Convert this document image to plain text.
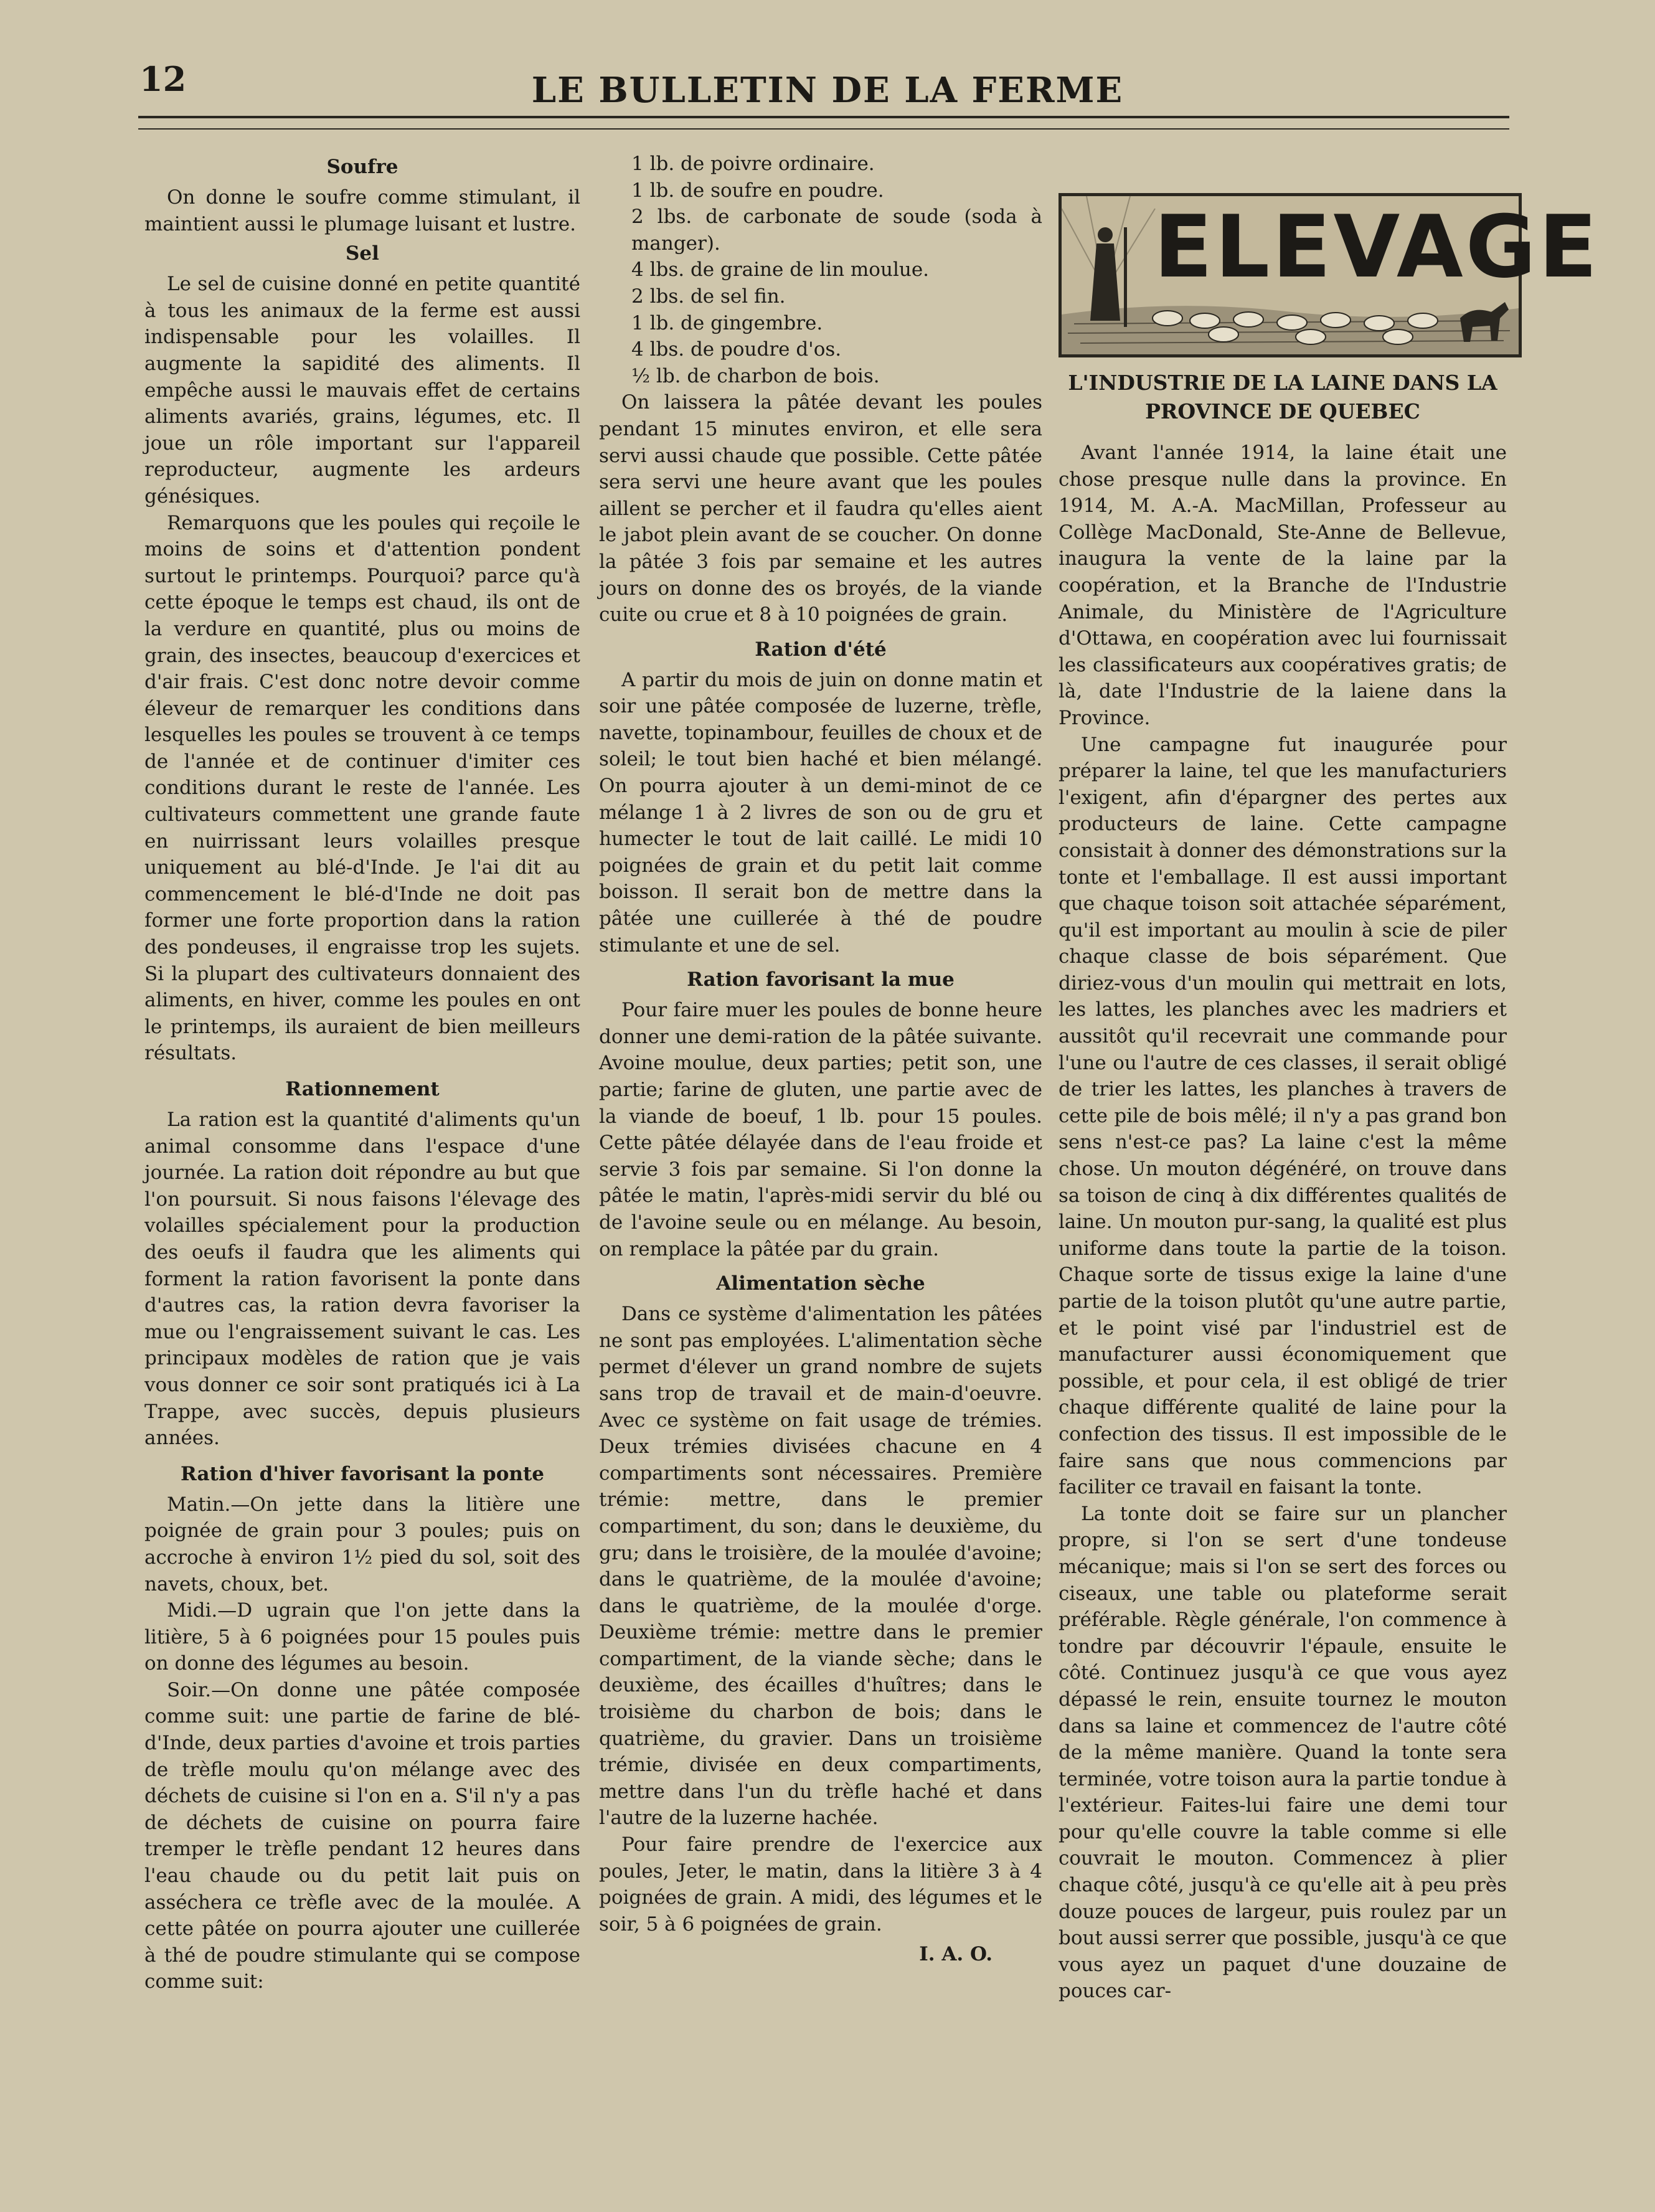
12	LE BULLETIN DE LA FERME
Soufre

On donne le soufre comme stimulant, il maintient aussi le plumage luisant et lustre.

Sel

Le sel de cuisine donné en petite quantité à tous les animaux de la ferme est aussi indispensable pour les volailles. Il augmente la sapidité des aliments. Il empêche aussi le mauvais effet de certains aliments avariés, grains, légumes, etc. Il joue un rôle important sur l'appareil reproducteur, augmente les ardeurs génésiques.

Remarquons que les poules qui reçoile le moins de soins et d'attention pondent surtout le printemps. Pourquoi? parce qu'à cette époque le temps est chaud, ils ont de la verdure en quantité, plus ou moins de grain, des insectes, beaucoup d'exercices et d'air frais. C'est donc notre devoir comme éleveur de remarquer les conditions dans lesquelles les poules se trouvent à ce temps de l'année et de continuer d'imiter ces conditions durant le reste de l'année. Les cultivateurs commettent une grande faute en nuirrissant leurs volailles presque uniquement au blé-d'Inde. Je l'ai dit au commencement le blé-d'Inde ne doit pas former une forte proportion dans la ration des pondeuses, il engraisse trop les sujets. Si la plupart des cultivateurs donnaient des aliments, en hiver, comme les poules en ont le printemps, ils auraient de bien meilleurs résultats.

Rationnement

La ration est la quantité d'aliments qu'un animal consomme dans l'espace d'une journée. La ration doit répondre au but que l'on poursuit. Si nous faisons l'élevage des volailles spécialement pour la production des oeufs il faudra que les aliments qui forment la ration favorisent la ponte dans d'autres cas, la ration devra favoriser la mue ou l'engraissement suivant le cas. Les principaux modèles de ration que je vais vous donner ce soir sont pratiqués ici à La Trappe, avec succès, depuis plusieurs années.

Ration d'hiver favorisant la ponte

Matin.—On jette dans la litière une poignée de grain pour 3 poules; puis on accroche à environ 1½ pied du sol, soit des navets, choux, bet.

Midi.—D ugrain que l'on jette dans la litière, 5 à 6 poignées pour 15 poules puis on donne des légumes au besoin.

Soir.—On donne une pâtée composée comme suit: une partie de farine de blé-d'Inde, deux parties d'avoine et trois parties de trèfle moulu qu'on mélange avec des déchets de cuisine si l'on en a. S'il n'y a pas de déchets de cuisine on pourra faire tremper le trèfle pendant 12 heures dans l'eau chaude ou du petit lait puis on asséchera ce trèfle avec de la moulée. A cette pâtée on pourra ajouter une cuillerée à thé de poudre stimulante qui se compose comme suit:

1 lb. de poivre ordinaire.

1 lb. de soufre en poudre.

2 lbs. de carbonate de soude (soda à manger).

4 lbs. de graine de lin moulue.

2 lbs. de sel fin.

1 lb. de gingembre.

4 lbs. de poudre d'os.

½ lb. de charbon de bois.

On laissera la pâtée devant les poules pendant 15 minutes environ, et elle sera servi aussi chaude que possible. Cette pâtée sera servi une heure avant que les poules aillent se percher et il faudra qu'elles aient le jabot plein avant de se coucher. On donne la pâtée 3 fois par semaine et les autres jours on donne des os broyés, de la viande cuite ou crue et 8 à 10 poignées de grain.

Ration d'été

A partir du mois de juin on donne matin et soir une pâtée composée de luzerne, trèfle, navette, topinambour, feuilles de choux et de soleil; le tout bien haché et bien mélangé. On pourra ajouter à un demi-minot de ce mélange 1 à 2 livres de son ou de gru et humecter le tout de lait caillé. Le midi 10 poignées de grain et du petit lait comme boisson. Il serait bon de mettre dans la pâtée une cuillerée à thé de poudre stimulante et une de sel.

Ration favorisant la mue

Pour faire muer les poules de bonne heure donner une demi-ration de la pâtée suivante. Avoine moulue, deux parties; petit son, une partie; farine de gluten, une partie avec de la viande de boeuf, 1 lb. pour 15 poules. Cette pâtée délayée dans de l'eau froide et servie 3 fois par semaine. Si l'on donne la pâtée le matin, l'après-midi servir du blé ou de l'avoine seule ou en mélange. Au besoin, on remplace la pâtée par du grain.

Alimentation sèche

Dans ce système d'alimentation les pâtées ne sont pas employées. L'alimentation sèche permet d'élever un grand nombre de sujets sans trop de travail et de main-d'oeuvre. Avec ce système on fait usage de trémies. Deux trémies divisées chacune en 4 compartiments sont nécessaires. Première trémie: mettre, dans le premier compartiment, du son; dans le deuxième, du gru; dans le troisière, de la moulée d'avoine; dans le quatrième, de la moulée d'avoine; dans le quatrième, de la moulée d'orge. Deuxième trémie: mettre dans le premier compartiment, de la viande sèche; dans le deuxième, des écailles d'huîtres; dans le troisième du charbon de bois; dans le quatrième, du gravier. Dans un troisième trémie, divisée en deux compartiments, mettre dans l'un du trèfle haché et dans l'autre de la luzerne hachée.

Pour faire prendre de l'exercice aux poules, Jeter, le matin, dans la litière 3 à 4 poignées de grain. A midi, des légumes et le soir, 5 à 6 poignées de grain.

I. A. O.

ELEVAGE
L'INDUSTRIE DE LA LAINE DANS LA PROVINCE DE QUEBEC

Avant l'année 1914, la laine était une chose presque nulle dans la province. En 1914, M. A.-A. MacMillan, Professeur au Collège MacDonald, Ste-Anne de Bellevue, inaugura la vente de la laine par la coopération, et la Branche de l'Industrie Animale, du Ministère de l'Agriculture d'Ottawa, en coopération avec lui fournissait les classificateurs aux coopératives gratis; de là, date l'Industrie de la laiene dans la Province.

Une campagne fut inaugurée pour préparer la laine, tel que les manufacturiers l'exigent, afin d'épargner des pertes aux producteurs de laine. Cette campagne consistait à donner des démonstrations sur la tonte et l'emballage. Il est aussi important que chaque toison soit attachée séparément, qu'il est important au moulin à scie de piler chaque classe de bois séparément. Que diriez-vous d'un moulin qui mettrait en lots, les lattes, les planches avec les madriers et aussitôt qu'il recevrait une commande pour l'une ou l'autre de ces classes, il serait obligé de trier les lattes, les planches à travers de cette pile de bois mêlé; il n'y a pas grand bon sens n'est-ce pas? La laine c'est la même chose. Un mouton dégénéré, on trouve dans sa toison de cinq à dix différentes qualités de laine. Un mouton pur-sang, la qualité est plus uniforme dans toute la partie de la toison. Chaque sorte de tissus exige la laine d'une partie de la toison plutôt qu'une autre partie, et le point visé par l'industriel est de manufacturer aussi économiquement que possible, et pour cela, il est obligé de trier chaque différente qualité de laine pour la confection des tissus. Il est impossible de le faire sans que nous commencions par faciliter ce travail en faisant la tonte.

La tonte doit se faire sur un plancher propre, si l'on se sert d'une tondeuse mécanique; mais si l'on se sert des forces ou ciseaux, une table ou plateforme serait préférable. Règle générale, l'on commence à tondre par découvrir l'épaule, ensuite le côté. Continuez jusqu'à ce que vous ayez dépassé le rein, ensuite tournez le mouton dans sa laine et commencez de l'autre côté de la même manière. Quand la tonte sera terminée, votre toison aura la partie tondue à l'extérieur. Faites-lui faire une demi tour pour qu'elle couvre la table comme si elle couvrait le mouton. Commencez à plier chaque côté, jusqu'à ce qu'elle ait à peu près douze pouces de largeur, puis roulez par un bout aussi serrer que possible, jusqu'à ce que vous ayez un paquet d'une douzaine de pouces car-
